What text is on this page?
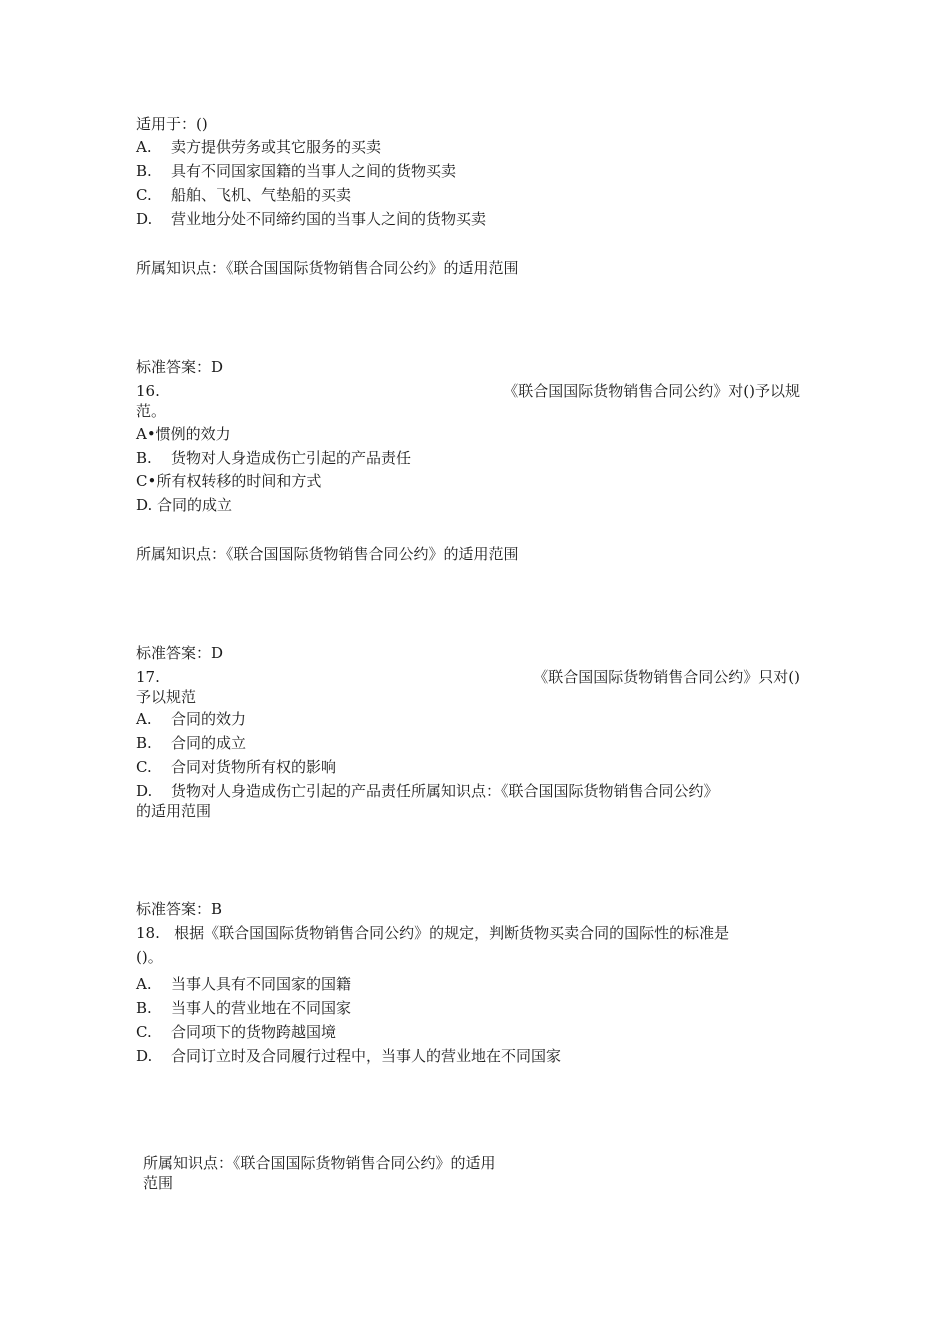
适用于：()
A. 卖方提供劳务或其它服务的买卖
B. 具有不同国家国籍的当事人之间的货物买卖
C. 船舶、飞机、气垫船的买卖
D. 营业地分处不同缔约国的当事人之间的货物买卖
所属知识点：《联合国国际货物销售合同公约》的适用范围
标准答案：D
16.	《联合国国际货物销售合同公约》对()予以规
范。
A•惯例的效力
B. 货物对人身造成伤亡引起的产品责任
C•所有权转移的时间和方式
D. 合同的成立
所属知识点：《联合国国际货物销售合同公约》的适用范围
标准答案：D
17.	《联合国国际货物销售合同公约》只对()
予以规范
A. 合同的效力
B. 合同的成立
C. 合同对货物所有权的影响
D. 货物对人身造成伤亡引起的产品责任所属知识点：《联合国国际货物销售合同公约》
的适用范围
标准答案：B
18.   根据《联合国国际货物销售合同公约》的规定，判断货物买卖合同的国际性的标准是
()。
A. 当事人具有不同国家的国籍
B. 当事人的营业地在不同国家
C. 合同项下的货物跨越国境
D. 合同订立时及合同履行过程中，当事人的营业地在不同国家
所属知识点：《联合国国际货物销售合同公约》的适用
范围
